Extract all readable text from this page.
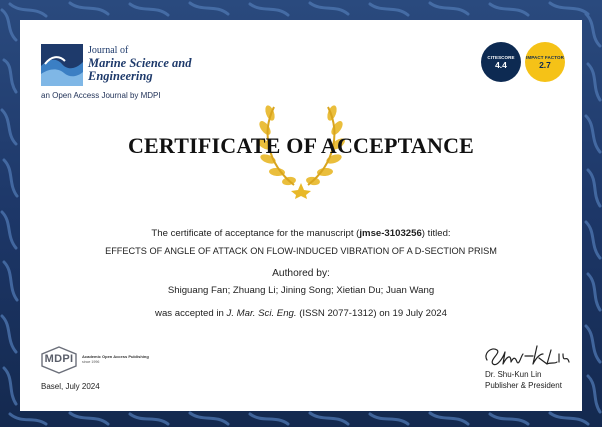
Journal of
Marine Science and Engineering
an Open Access Journal by MDPI
CITESCORE
4.4
IMPACT FACTOR
2.7
CERTIFICATE OF ACCEPTANCE
The certificate of acceptance for the manuscript (jmse-3103256) titled:
EFFECTS OF ANGLE OF ATTACK ON FLOW-INDUCED VIBRATION OF A D-SECTION PRISM
Authored by:
Shiguang Fan; Zhuang Li; Jining Song; Xietian Du; Juan Wang
was accepted in J. Mar. Sci. Eng. (ISSN 2077-1312) on 19 July 2024
MDPI	Academic Open Access Publishing
since 1996
Basel, July 2024
Dr. Shu-Kun Lin
Publisher & President
